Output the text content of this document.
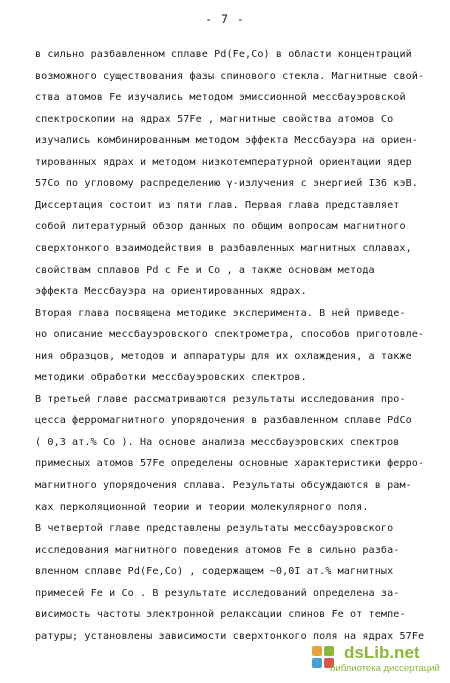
- 7 -
в сильно разбавленном сплаве Pd(Fe,Co) в области концентраций
возможного существования фазы спинового стекла. Магнитные свой-
ства атомов Fe изучались методом эмиссионной мессбауэровской
спектроскопии на ядрах 57Fe , магнитные свойства атомов Co
изучались комбинированным методом эффекта Мессбауэра на ориен-
тированных ядрах и методом низкотемпературной ориентации ядер
57Co по угловому распределению γ-излучения с энергией I36 кэВ.
Диссертация состоит из пяти глав. Первая глава представляет
собой литературный обзор данных по общим вопросам магнитного
сверхтонкого взаимодействия в разбавленных магнитных сплавах,
свойствам сплавов Pd с Fe и Co , а также основам метода
эффекта Мессбауэра на ориентированных ядрах.
Вторая глава посвящена методике эксперимента. В ней приведе-
но описание мессбауэровского спектрометра, способов приготовле-
ния образцов, методов и аппаратуры для их охлаждения, а также
методики обработки мессбауэровских спектров.
В третьей главе рассматриваются результаты исследования про-
цесса ферромагнитного упорядочения в разбавленном сплаве PdCo
( 0,3 ат.% Co ). На основе анализа мессбауэровских спектров
примесных атомов 57Fe определены основные характеристики ферро-
магнитного упорядочения сплава. Результаты обсуждаются в рам-
ках перколяционной теории и теории молекулярного поля.
В четвертой главе представлены результаты мессбауэровского
исследования магнитного поведения атомов Fe в сильно разба-
вленном сплаве Pd(Fe,Co) , содержащем ~0,0I ат.% магнитных
примесей Fe и Co . В результате исследований определена за-
висимость частоты электронной релаксации спинов Fe от темпе-
ратуры; установлены зависимости сверхтонкого поля на ядрах 57Fe
dsLib.net
библиотека диссертаций
